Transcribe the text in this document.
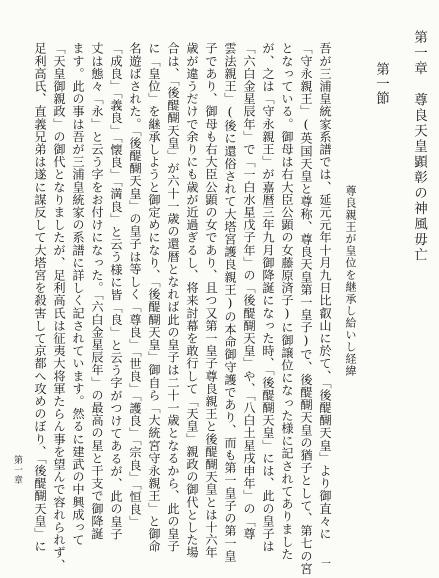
第一章尊良天皇顕彰の神風毋亡
第一節
尊良親王が皇位を継承し給いし経緯
吾が三浦皇統家系譜では、延元元年十月九日比叡山に於て、「後醍醐天皇」より御直々に
「守永親王」(英国天皇と尊称、尊良天皇第一皇子)で、後醍醐天皇の猶子として、第七の宮
となっている。御母は右大臣公顕の女藤原済子)に御譲位になった様に記されてありました
が、之は「守永親王」が嘉暦三年九月御降誕になった時、「後醍醐天皇」には、此の皇子は
「六白金星辰年」で「一白水星戊子年」の「後醍醐天皇」や、「八白土星戌申年」の「尊
雲法親王」(後に還俗されて大塔宮護良親王)の本命御守護であり、而も第一皇子の第一皇
子であり、御母も右大臣公顕の女であり、且つ又第一皇子尊良親王と後醍醐天皇とは十六年
歳が違うだけで余りにも歳が近過ぎるし、将来討幕を敢行して「天皇」親政の御代とした場
合は、「後醍醐天皇」が六十一歳の還暦となれば此の皇子は二十一歳となるから、此の皇子
に「皇位」を継承しようと御定めになり、「後醍醐天皇」御自ら「大統宮守永親王」と御命
名遊ばされた。「後醍醐天皇」の皇子は等しく「尊良」「世良」「護良」「宗良」「恒良」
「成良」「義良」「懐良」「満良」と云う様に皆「良」と云う字がつけてあるが、此の皇子
丈は態々「永」と云う字をお付けになった。「六白金星辰年」の最高の星と干支で御降誕
ます。此の事は吾が三浦皇統家の系譜に詳しく記されています。然るに建武の中興成って
「天皇御親政」の御代となりましたが、足利高氏は征夷大将軍たらん事を望んで容れられず、
足利高氏、直義兄弟は遂に謀反して大塔宮を殺害して京都へ攻めのぼり、「後醍醐天皇」に
第一章
一
